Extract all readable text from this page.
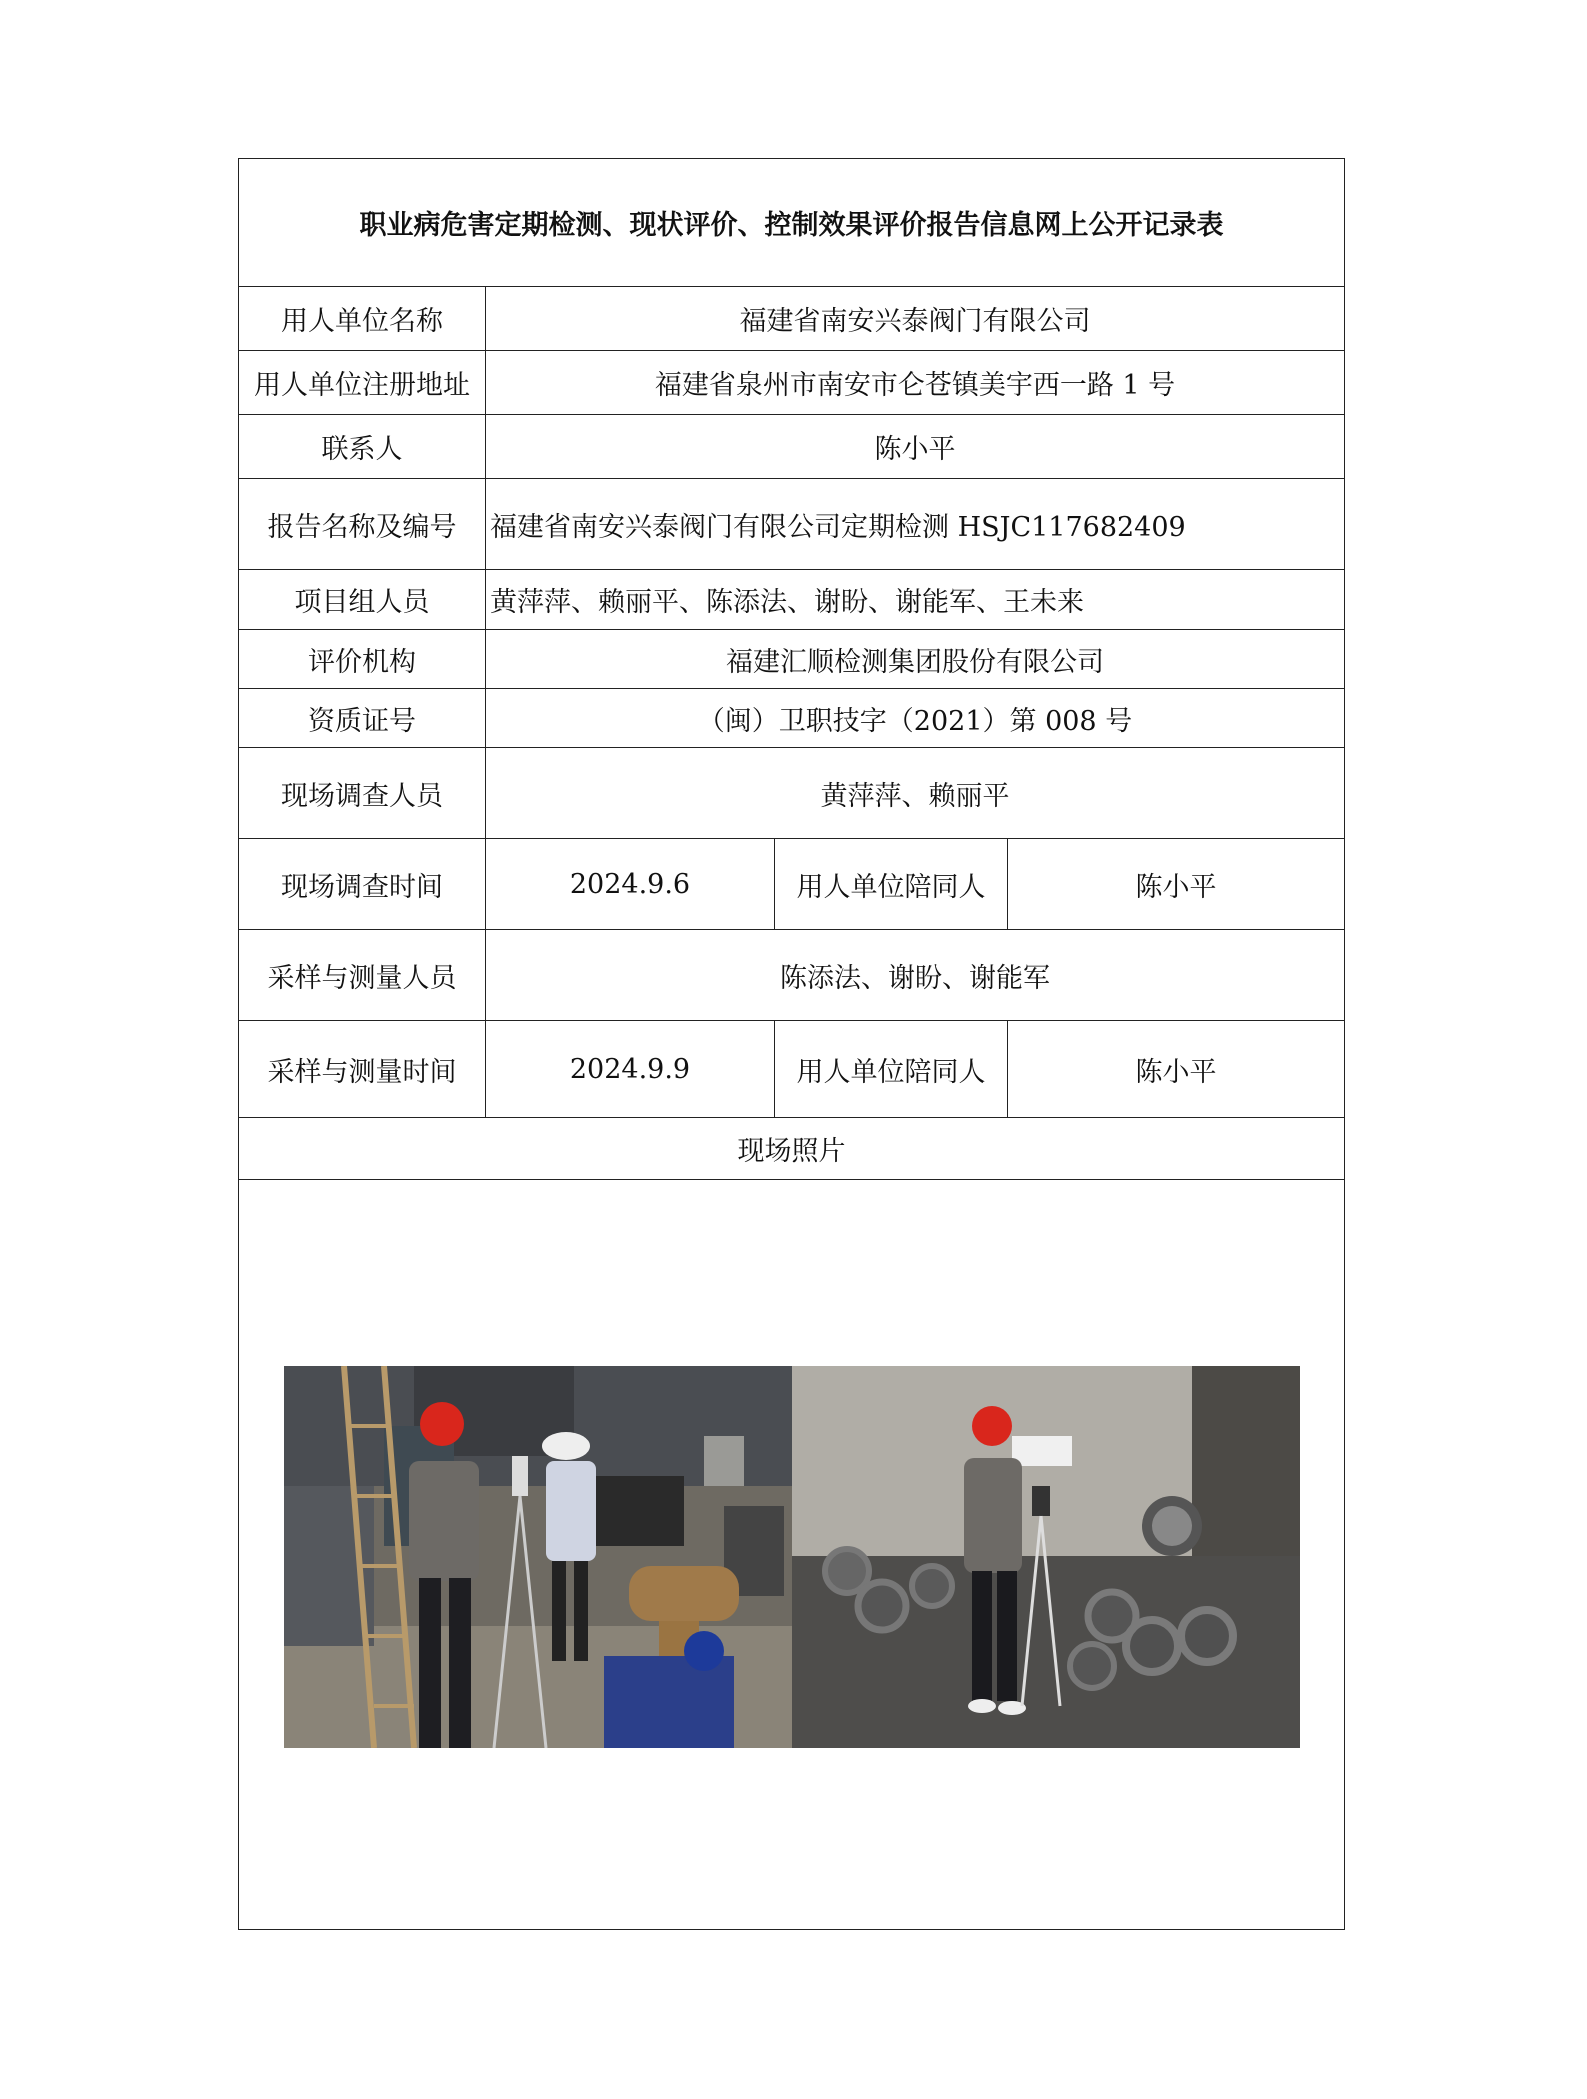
职业病危害定期检测、现状评价、控制效果评价报告信息网上公开记录表			
用人单位名称	福建省南安兴泰阀门有限公司		
用人单位注册地址	福建省泉州市南安市仑苍镇美宇西一路 1 号		
联系人	陈小平		
报告名称及编号	福建省南安兴泰阀门有限公司定期检测 HSJC117682409		
项目组人员	黄萍萍、赖丽平、陈添法、谢盼、谢能军、王未来		
评价机构	福建汇顺检测集团股份有限公司		
资质证号	（闽）卫职技字（2021）第 008 号		
现场调查人员	黄萍萍、赖丽平		
现场调查时间	2024.9.6	用人单位陪同人	陈小平
采样与测量人员	陈添法、谢盼、谢能军		
采样与测量时间	2024.9.9	用人单位陪同人	陈小平
现场照片			
